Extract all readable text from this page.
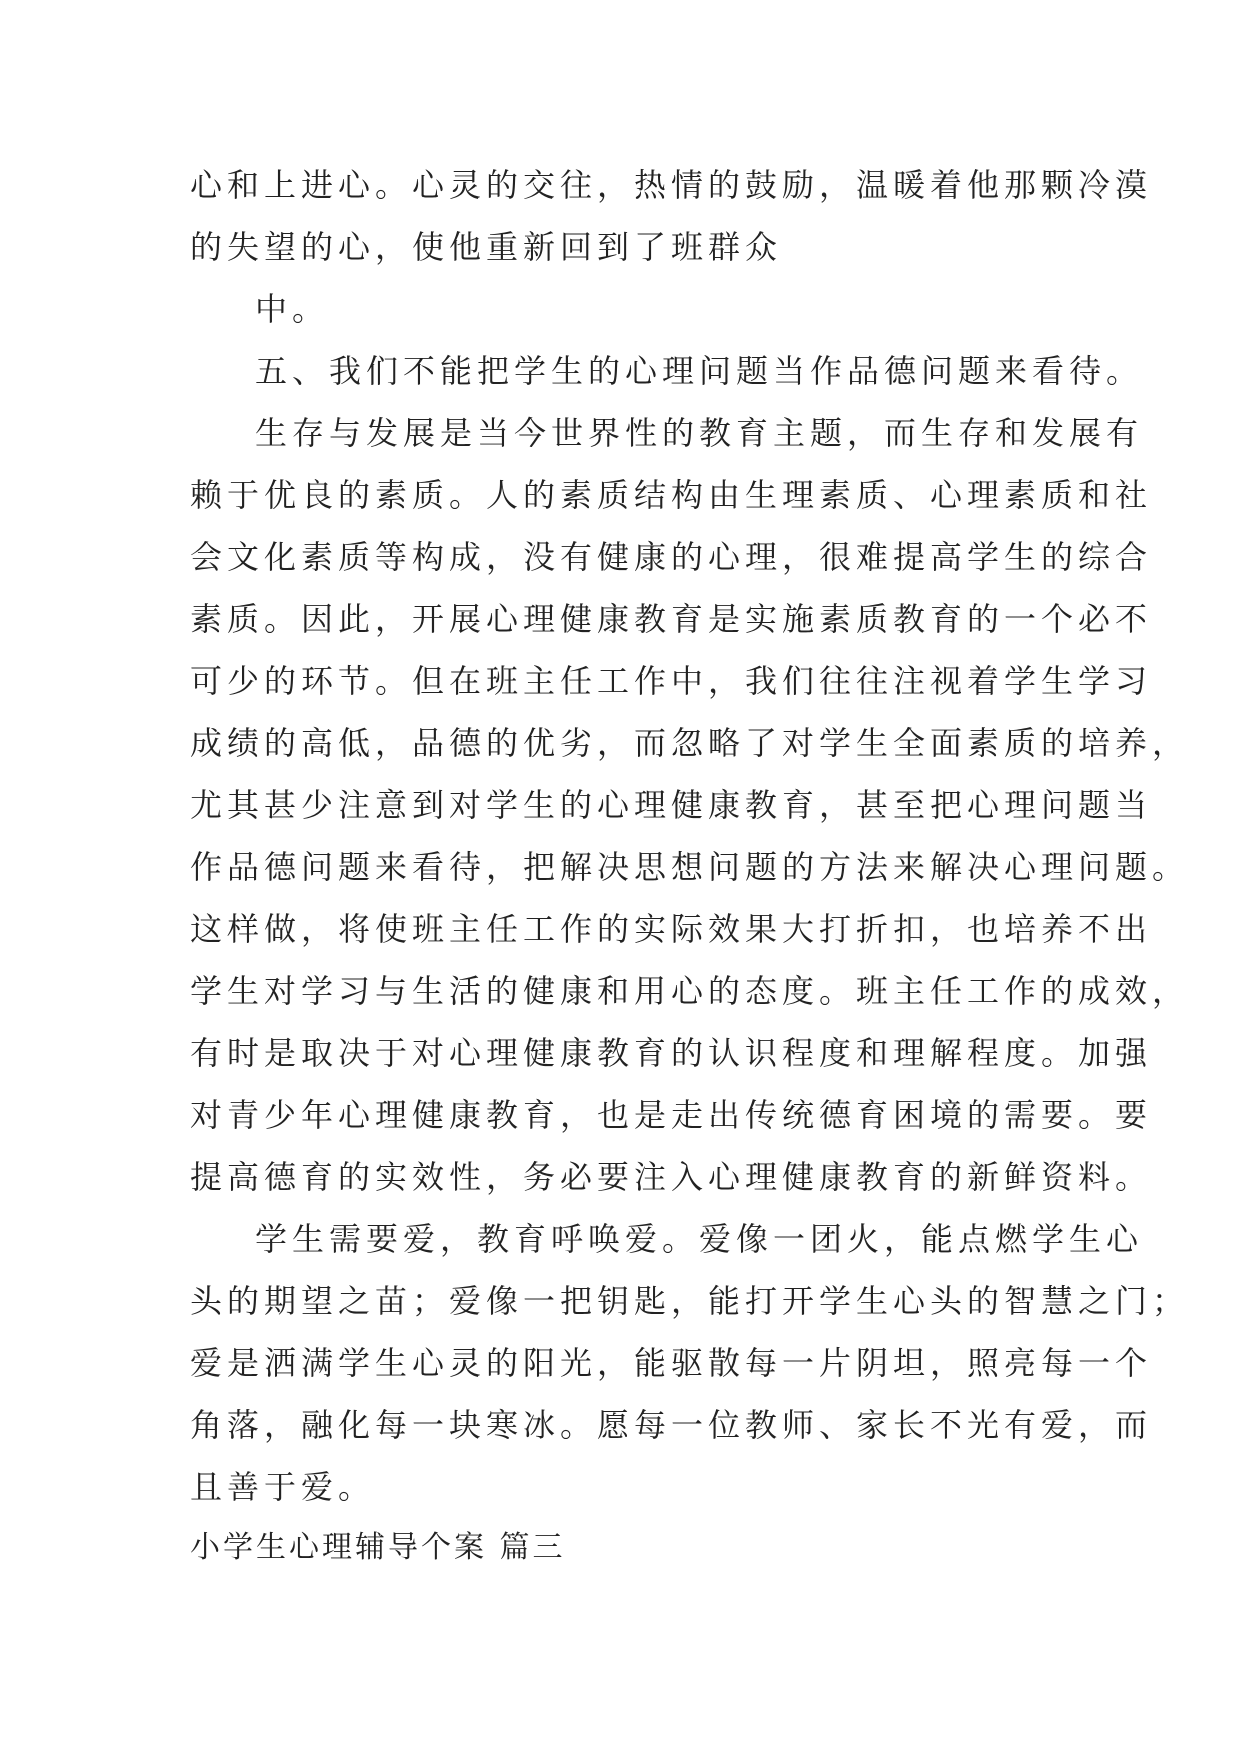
心和上进心。心灵的交往，热情的鼓励，温暖着他那颗冷漠
的失望的心，使他重新回到了班群众
中。
五、我们不能把学生的心理问题当作品德问题来看待。
生存与发展是当今世界性的教育主题，而生存和发展有
赖于优良的素质。人的素质结构由生理素质、心理素质和社
会文化素质等构成，没有健康的心理，很难提高学生的综合
素质。因此，开展心理健康教育是实施素质教育的一个必不
可少的环节。但在班主任工作中，我们往往注视着学生学习
成绩的高低，品德的优劣，而忽略了对学生全面素质的培养，
尤其甚少注意到对学生的心理健康教育，甚至把心理问题当
作品德问题来看待，把解决思想问题的方法来解决心理问题。
这样做，将使班主任工作的实际效果大打折扣，也培养不出
学生对学习与生活的健康和用心的态度。班主任工作的成效，
有时是取决于对心理健康教育的认识程度和理解程度。加强
对青少年心理健康教育，也是走出传统德育困境的需要。要
提高德育的实效性，务必要注入心理健康教育的新鲜资料。
学生需要爱，教育呼唤爱。爱像一团火，能点燃学生心
头的期望之苗；爱像一把钥匙，能打开学生心头的智慧之门；
爱是洒满学生心灵的阳光，能驱散每一片阴坦，照亮每一个
角落，融化每一块寒冰。愿每一位教师、家长不光有爱，而
且善于爱。
小学生心理辅导个案 篇三
